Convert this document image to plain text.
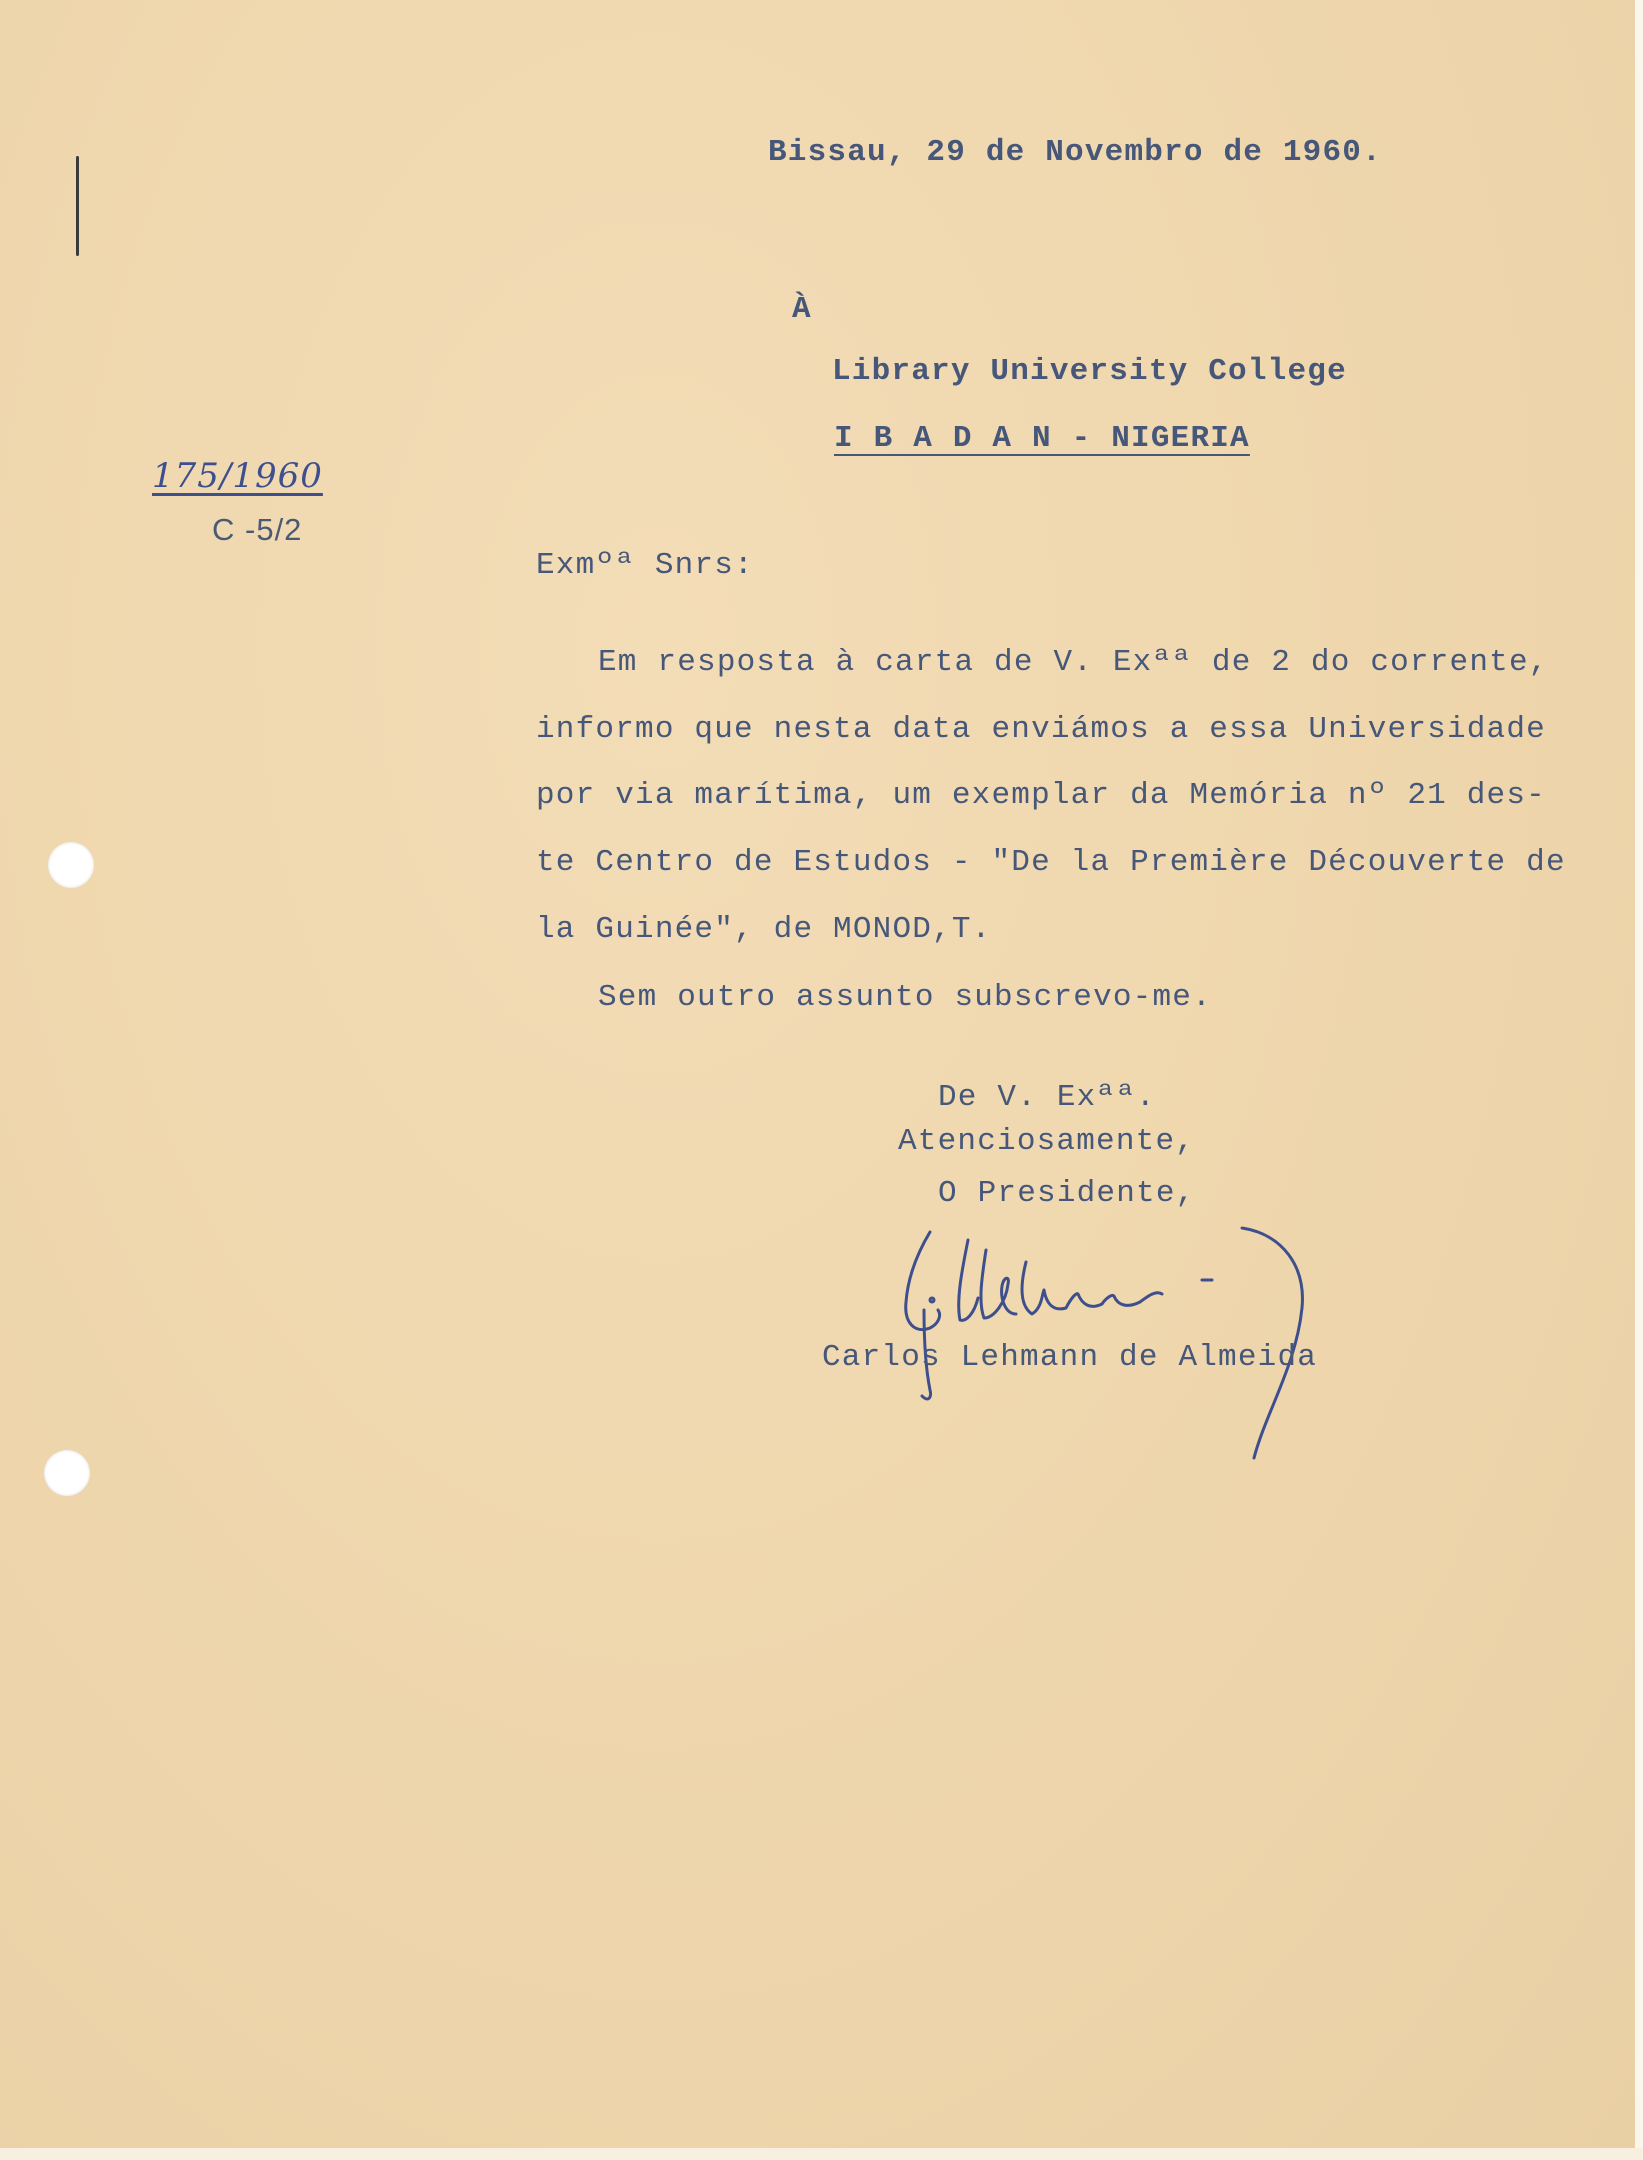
Bissau, 29 de Novembro de 1960.

À

Library University College

I B A D A N - NIGERIA

175/1960

C -5/2

Exmºª Snrs:

Em resposta à carta de V. Exªª de 2 do corrente,

informo que nesta data enviámos a essa Universidade

por via marítima, um exemplar da Memória nº 21 des-

te Centro de Estudos - "De la Première Découverte de

la Guinée", de MONOD,T.

Sem outro assunto subscrevo-me.

De V. Exªª.

Atenciosamente,

O Presidente,

Carlos Lehmann de Almeida
